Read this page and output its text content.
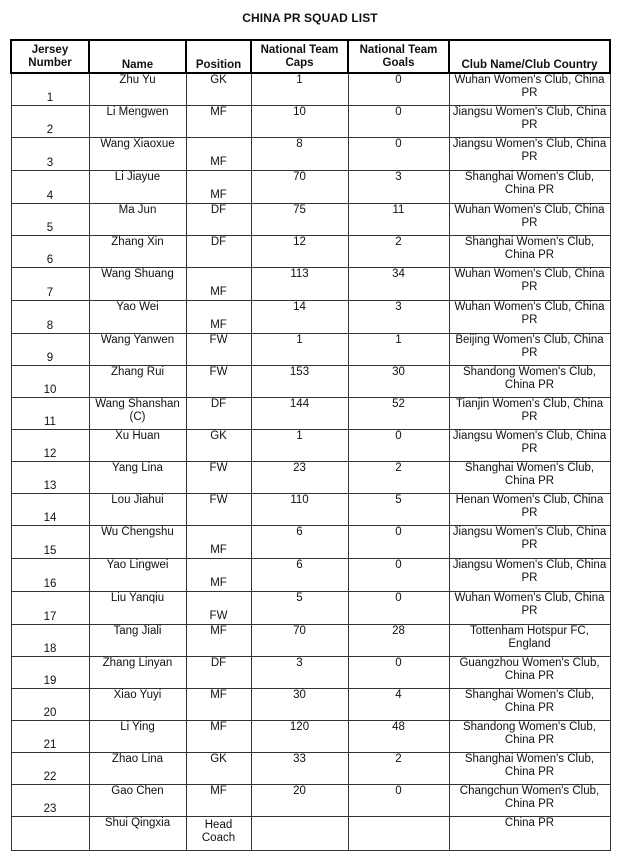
CHINA PR SQUAD LIST
Jersey Number	Name	Position	National Team Caps	National Team Goals	Club Name/Club Country
1	Zhu Yu	GK	1	0	Wuhan Women's Club, China PR
2	Li Mengwen	MF	10	0	Jiangsu Women's Club, China PR
3	Wang Xiaoxue	MF	8	0	Jiangsu Women's Club, China PR
4	Li Jiayue	MF	70	3	Shanghai Women's Club, China PR
5	Ma Jun	DF	75	11	Wuhan Women's Club, China PR
6	Zhang Xin	DF	12	2	Shanghai Women's Club, China PR
7	Wang Shuang	MF	113	34	Wuhan Women's Club, China PR
8	Yao Wei	MF	14	3	Wuhan Women's Club, China PR
9	Wang Yanwen	FW	1	1	Beijing Women's Club, China PR
10	Zhang Rui	FW	153	30	Shandong Women's Club, China PR
11	Wang Shanshan (C)	DF	144	52	Tianjin Women's Club, China PR
12	Xu Huan	GK	1	0	Jiangsu Women's Club, China PR
13	Yang Lina	FW	23	2	Shanghai Women's Club, China PR
14	Lou Jiahui	FW	110	5	Henan Women's Club, China PR
15	Wu Chengshu	MF	6	0	Jiangsu Women's Club, China PR
16	Yao Lingwei	MF	6	0	Jiangsu Women's Club, China PR
17	Liu Yanqiu	FW	5	0	Wuhan Women's Club, China PR
18	Tang Jiali	MF	70	28	Tottenham Hotspur FC, England
19	Zhang Linyan	DF	3	0	Guangzhou Women's Club, China PR
20	Xiao Yuyi	MF	30	4	Shanghai Women's Club, China PR
21	Li Ying	MF	120	48	Shandong Women's Club, China PR
22	Zhao Lina	GK	33	2	Shanghai Women's Club, China PR
23	Gao Chen	MF	20	0	Changchun Women's Club, China PR
	Shui Qingxia	Head Coach			China PR
